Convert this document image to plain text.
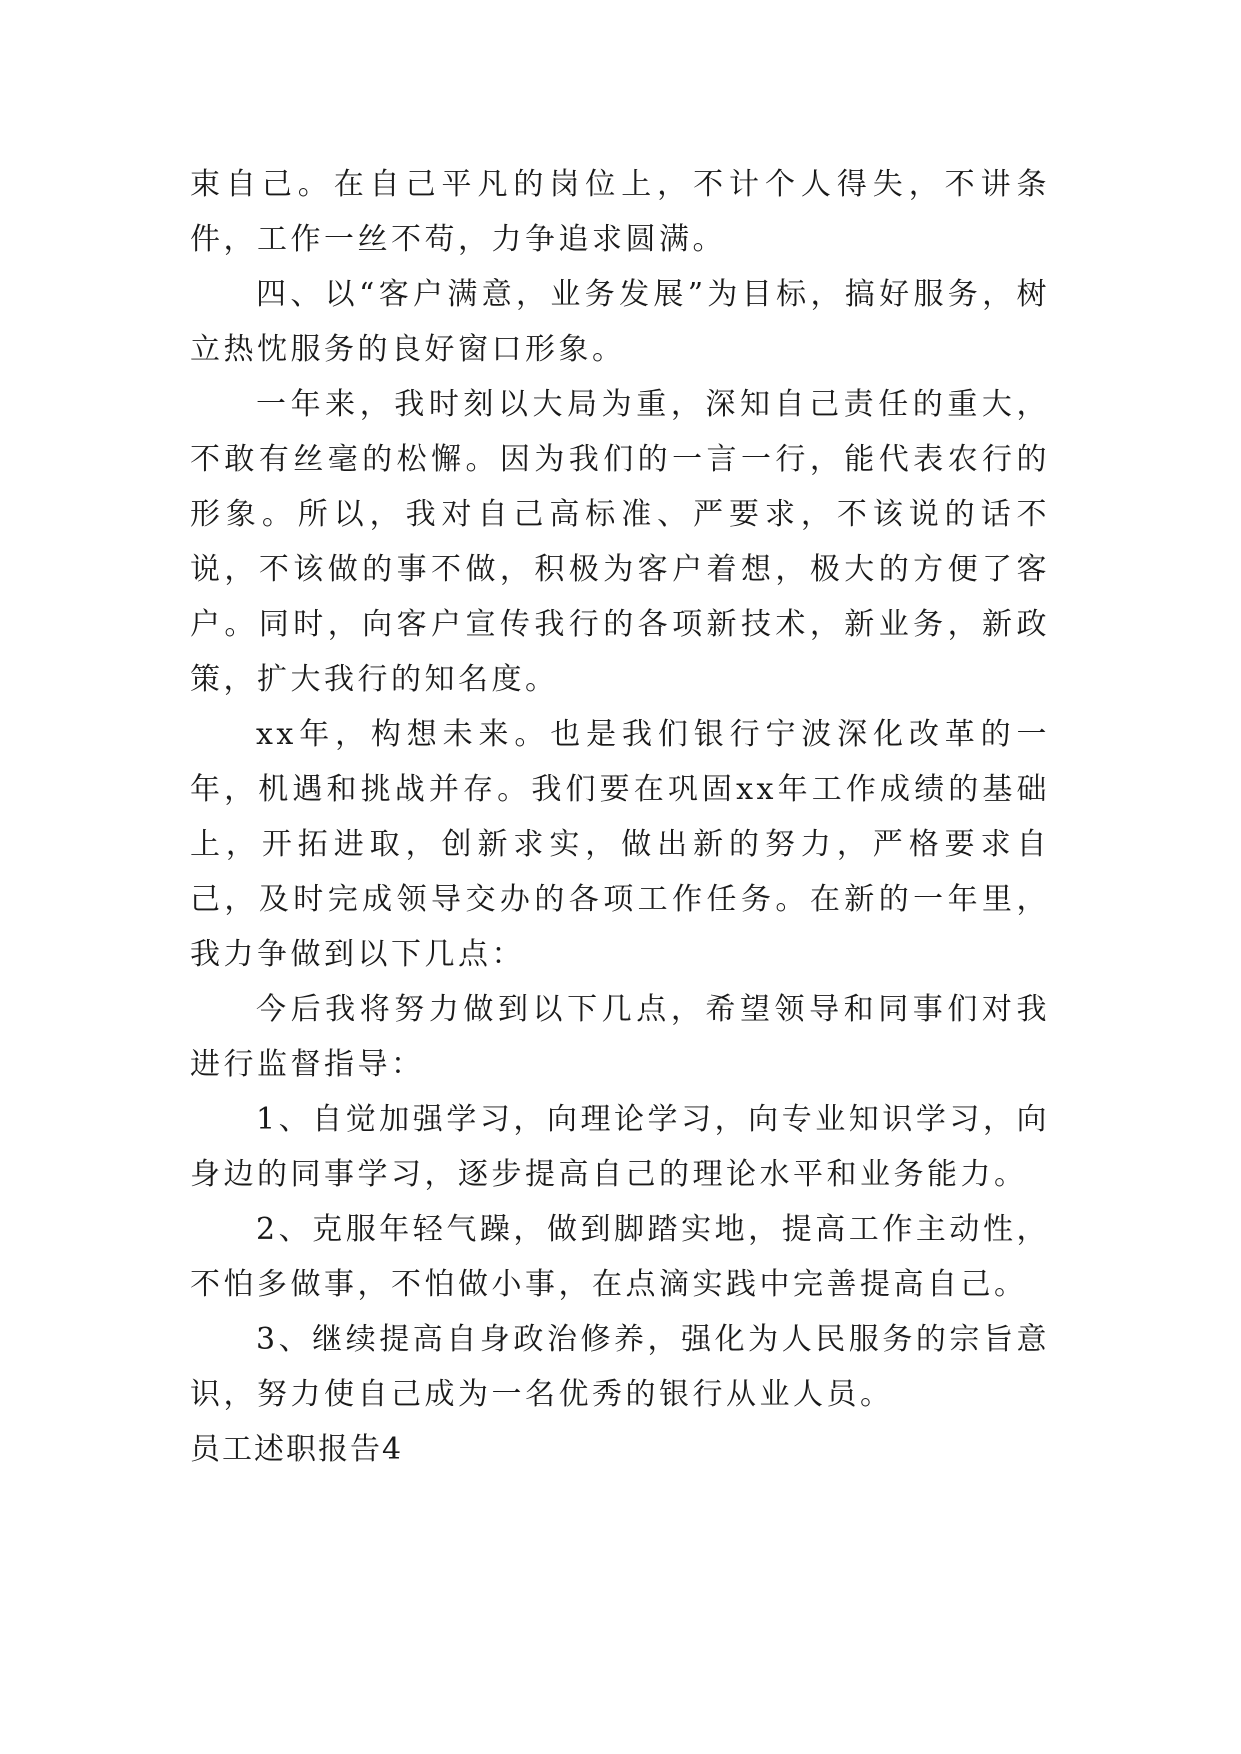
束自己。在自己平凡的岗位上，不计个人得失，不讲条件，工作一丝不苟，力争追求圆满。

四、以“客户满意，业务发展”为目标，搞好服务，树立热忱服务的良好窗口形象。

一年来，我时刻以大局为重，深知自己责任的重大，不敢有丝毫的松懈。因为我们的一言一行，能代表农行的形象。所以，我对自己高标准、严要求，不该说的话不说，不该做的事不做，积极为客户着想，极大的方便了客户。同时，向客户宣传我行的各项新技术，新业务，新政策，扩大我行的知名度。

xx年，构想未来。也是我们银行宁波深化改革的一年，机遇和挑战并存。我们要在巩固xx年工作成绩的基础上，开拓进取，创新求实，做出新的努力，严格要求自己，及时完成领导交办的各项工作任务。在新的一年里，我力争做到以下几点：

今后我将努力做到以下几点，希望领导和同事们对我进行监督指导：

1、自觉加强学习，向理论学习，向专业知识学习，向身边的同事学习，逐步提高自己的理论水平和业务能力。

2、克服年轻气躁，做到脚踏实地，提高工作主动性，不怕多做事，不怕做小事，在点滴实践中完善提高自己。

3、继续提高自身政治修养，强化为人民服务的宗旨意识，努力使自己成为一名优秀的银行从业人员。

员工述职报告4
